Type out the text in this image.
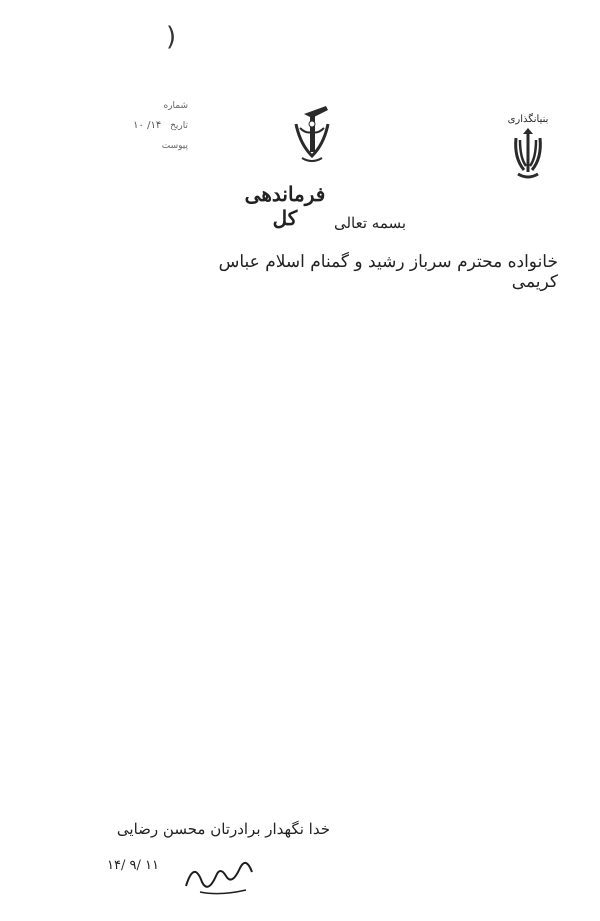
)
شماره
تاریخ ۱۴/ ۱۰
پیوست
بنیانگذاری
فرماندهی کل	بسمه تعالی
خانواده محترم سرباز رشید و گمنام اسلام عباس کریمی
خدا نگهدار برادرتان محسن رضایی
۱۴/ ۹/ ۱۱
